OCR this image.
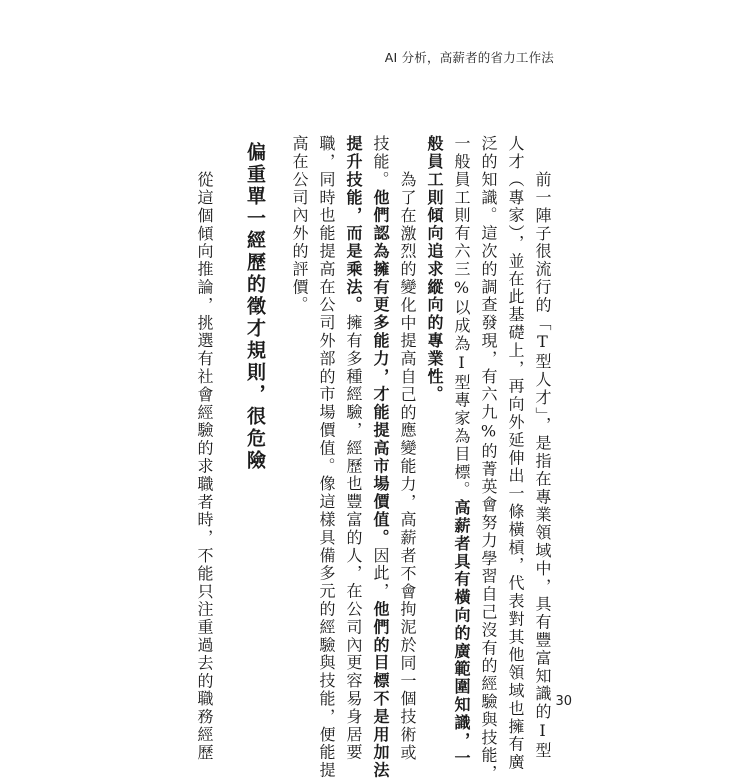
AI 分析，高薪者的省力工作法
前一陣子很流行的「T型人才」，是指在專業領域中，具有豐富知識的I型
人才（專家），並在此基礎上，再向外延伸出一條橫槓，代表對其他領域也擁有廣
泛的知識。這次的調查發現，有六九%的菁英會努力學習自己沒有的經驗與技能，
一般員工則有六三%以成為I型專家為目標。高薪者具有橫向的廣範圍知識，一
般員工則傾向追求縱向的專業性。
為了在激烈的變化中提高自己的應變能力，高薪者不會拘泥於同一個技術或
技能。他們認為擁有更多能力，才能提高市場價值。因此，他們的目標不是用加法
提升技能，而是乘法。擁有多種經驗，經歷也豐富的人，在公司內更容易身居要
職，同時也能提高在公司外部的市場價值。像這樣具備多元的經驗與技能，便能提
高在公司內外的評價。
偏重單一經歷的徵才規則，很危險
從這個傾向推論，挑選有社會經驗的求職者時，不能只注重過去的職務經歷	30
